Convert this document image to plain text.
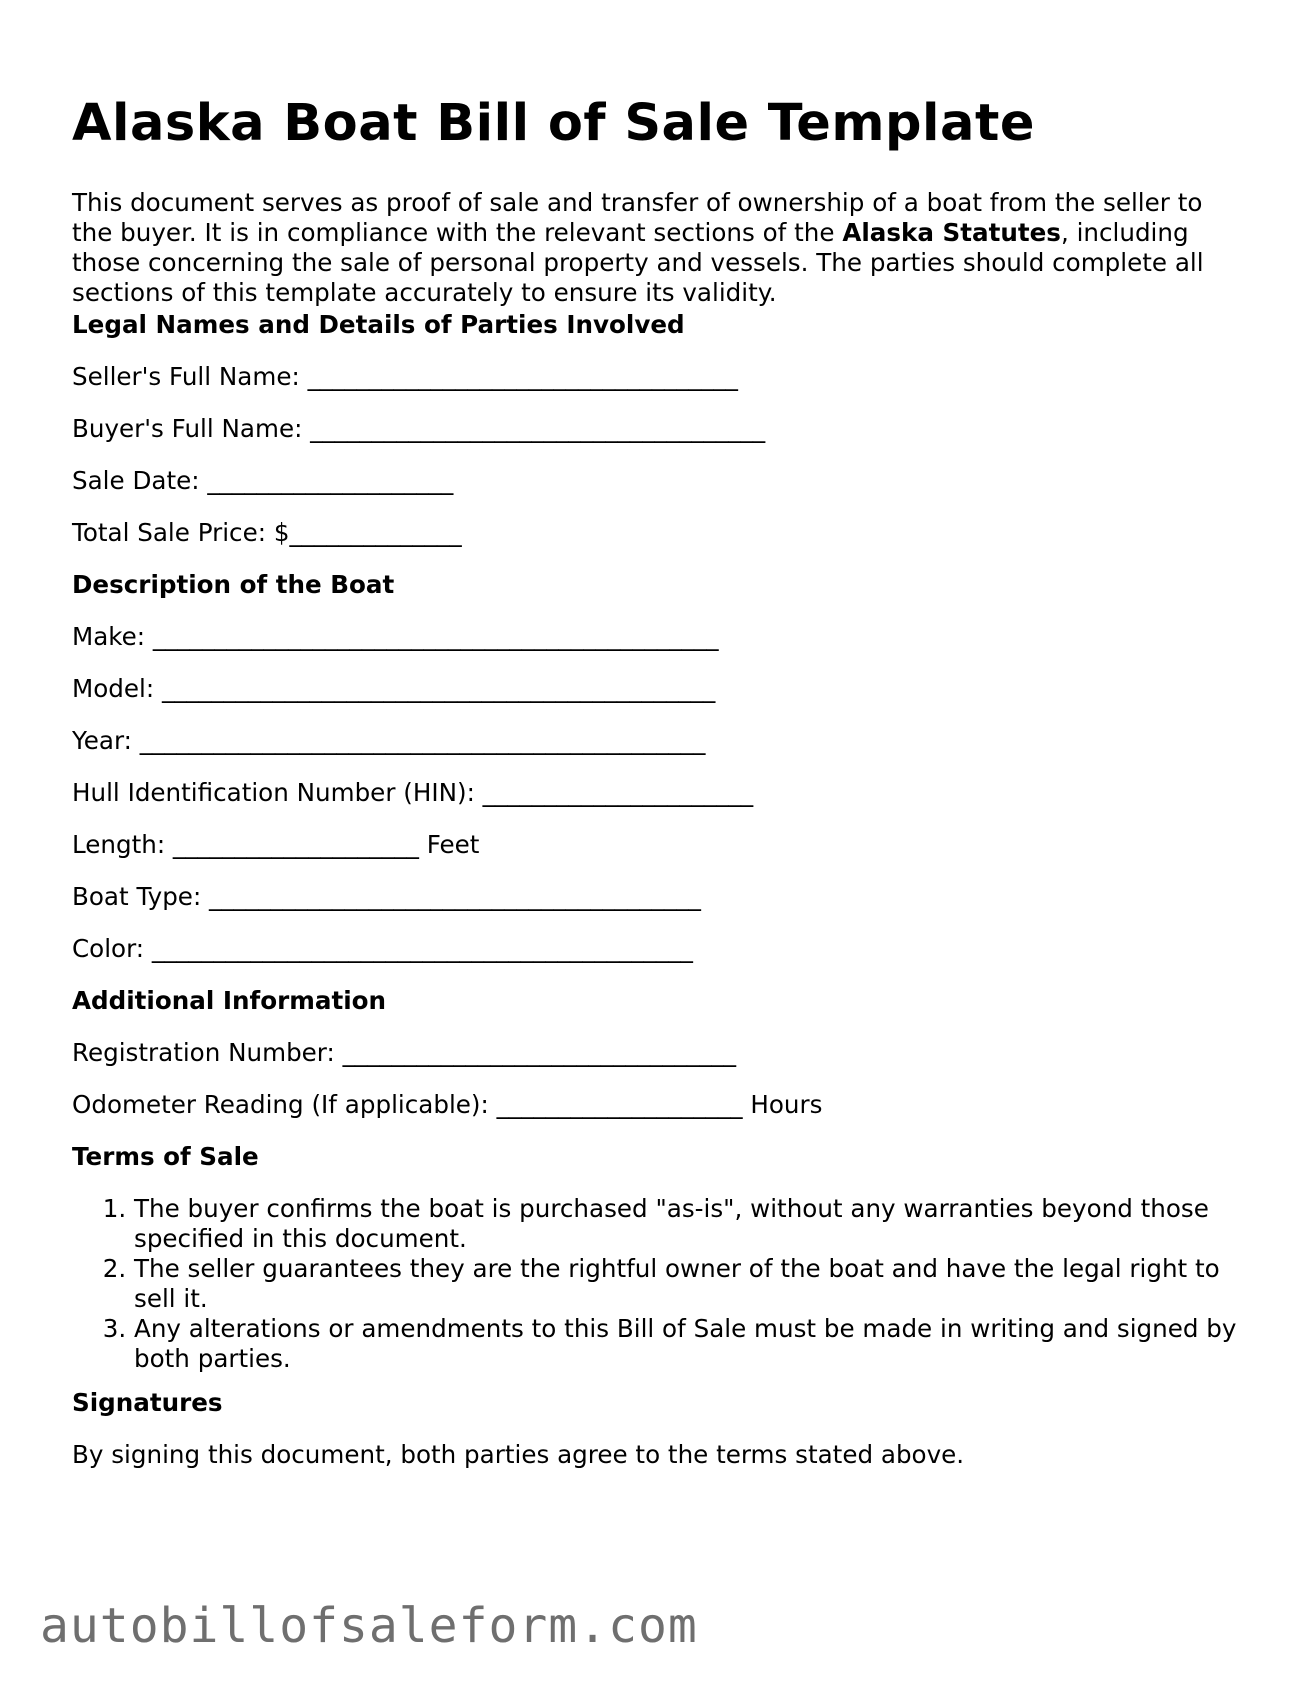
Alaska Boat Bill of Sale Template

This document serves as proof of sale and transfer of ownership of a boat from the seller to the buyer. It is in compliance with the relevant sections of the Alaska Statutes, including those concerning the sale of personal property and vessels. The parties should complete all sections of this template accurately to ensure its validity.

Legal Names and Details of Parties Involved
Seller's Full Name: ___________________________________
Buyer's Full Name: _____________________________________
Sale Date: ____________________
Total Sale Price: $______________
Description of the Boat
Make: ______________________________________________
Model: _____________________________________________
Year: ______________________________________________
Hull Identification Number (HIN): ______________________
Length: ____________________ Feet
Boat Type: ________________________________________
Color: ____________________________________________
Additional Information
Registration Number: ________________________________
Odometer Reading (If applicable): ____________________ Hours
Terms of Sale
1. The buyer confirms the boat is purchased "as-is", without any warranties beyond those specified in this document.
2. The seller guarantees they are the rightful owner of the boat and have the legal right to sell it.
3. Any alterations or amendments to this Bill of Sale must be made in writing and signed by both parties.
Signatures
By signing this document, both parties agree to the terms stated above.
autobillofsaleform.com
